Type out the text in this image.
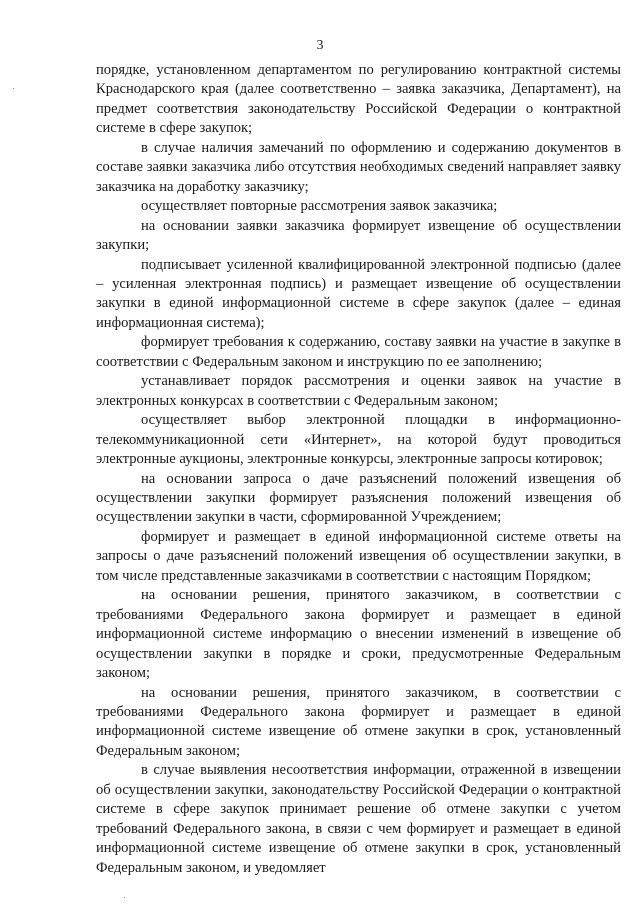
3

порядке, установленном департаментом по регулированию контрактной системы Краснодарского края (далее соответственно – заявка заказчика, Департамент), на предмет соответствия законодательству Российской Федерации о контрактной системе в сфере закупок;

в случае наличия замечаний по оформлению и содержанию документов в составе заявки заказчика либо отсутствия необходимых сведений направляет заявку заказчика на доработку заказчику;

осуществляет повторные рассмотрения заявок заказчика;

на основании заявки заказчика формирует извещение об осуществлении закупки;

подписывает усиленной квалифицированной электронной подписью (далее – усиленная электронная подпись) и размещает извещение об осуществлении закупки в единой информационной системе в сфере закупок (далее – единая информационная система);

формирует требования к содержанию, составу заявки на участие в закупке в соответствии с Федеральным законом и инструкцию по ее заполнению;

устанавливает порядок рассмотрения и оценки заявок на участие в электронных конкурсах в соответствии с Федеральным законом;

осуществляет выбор электронной площадки в информационно-телекоммуникационной сети «Интернет», на которой будут проводиться электронные аукционы, электронные конкурсы, электронные запросы котировок;

на основании запроса о даче разъяснений положений извещения об осуществлении закупки формирует разъяснения положений извещения об осуществлении закупки в части, сформированной Учреждением;

формирует и размещает в единой информационной системе ответы на запросы о даче разъяснений положений извещения об осуществлении закупки, в том числе представленные заказчиками в соответствии с настоящим Порядком;

на основании решения, принятого заказчиком, в соответствии с требованиями Федерального закона формирует и размещает в единой информационной системе информацию о внесении изменений в извещение об осуществлении закупки в порядке и сроки, предусмотренные Федеральным законом;

на основании решения, принятого заказчиком, в соответствии с требованиями Федерального закона формирует и размещает в единой информационной системе извещение об отмене закупки в срок, установленный Федеральным законом;

в случае выявления несоответствия информации, отраженной в извещении об осуществлении закупки, законодательству Российской Федерации о контрактной системе в сфере закупок принимает решение об отмене закупки с учетом требований Федерального закона, в связи с чем формирует и размещает в единой информационной системе извещение об отмене закупки в срок, установленный Федеральным законом, и уведомляет
